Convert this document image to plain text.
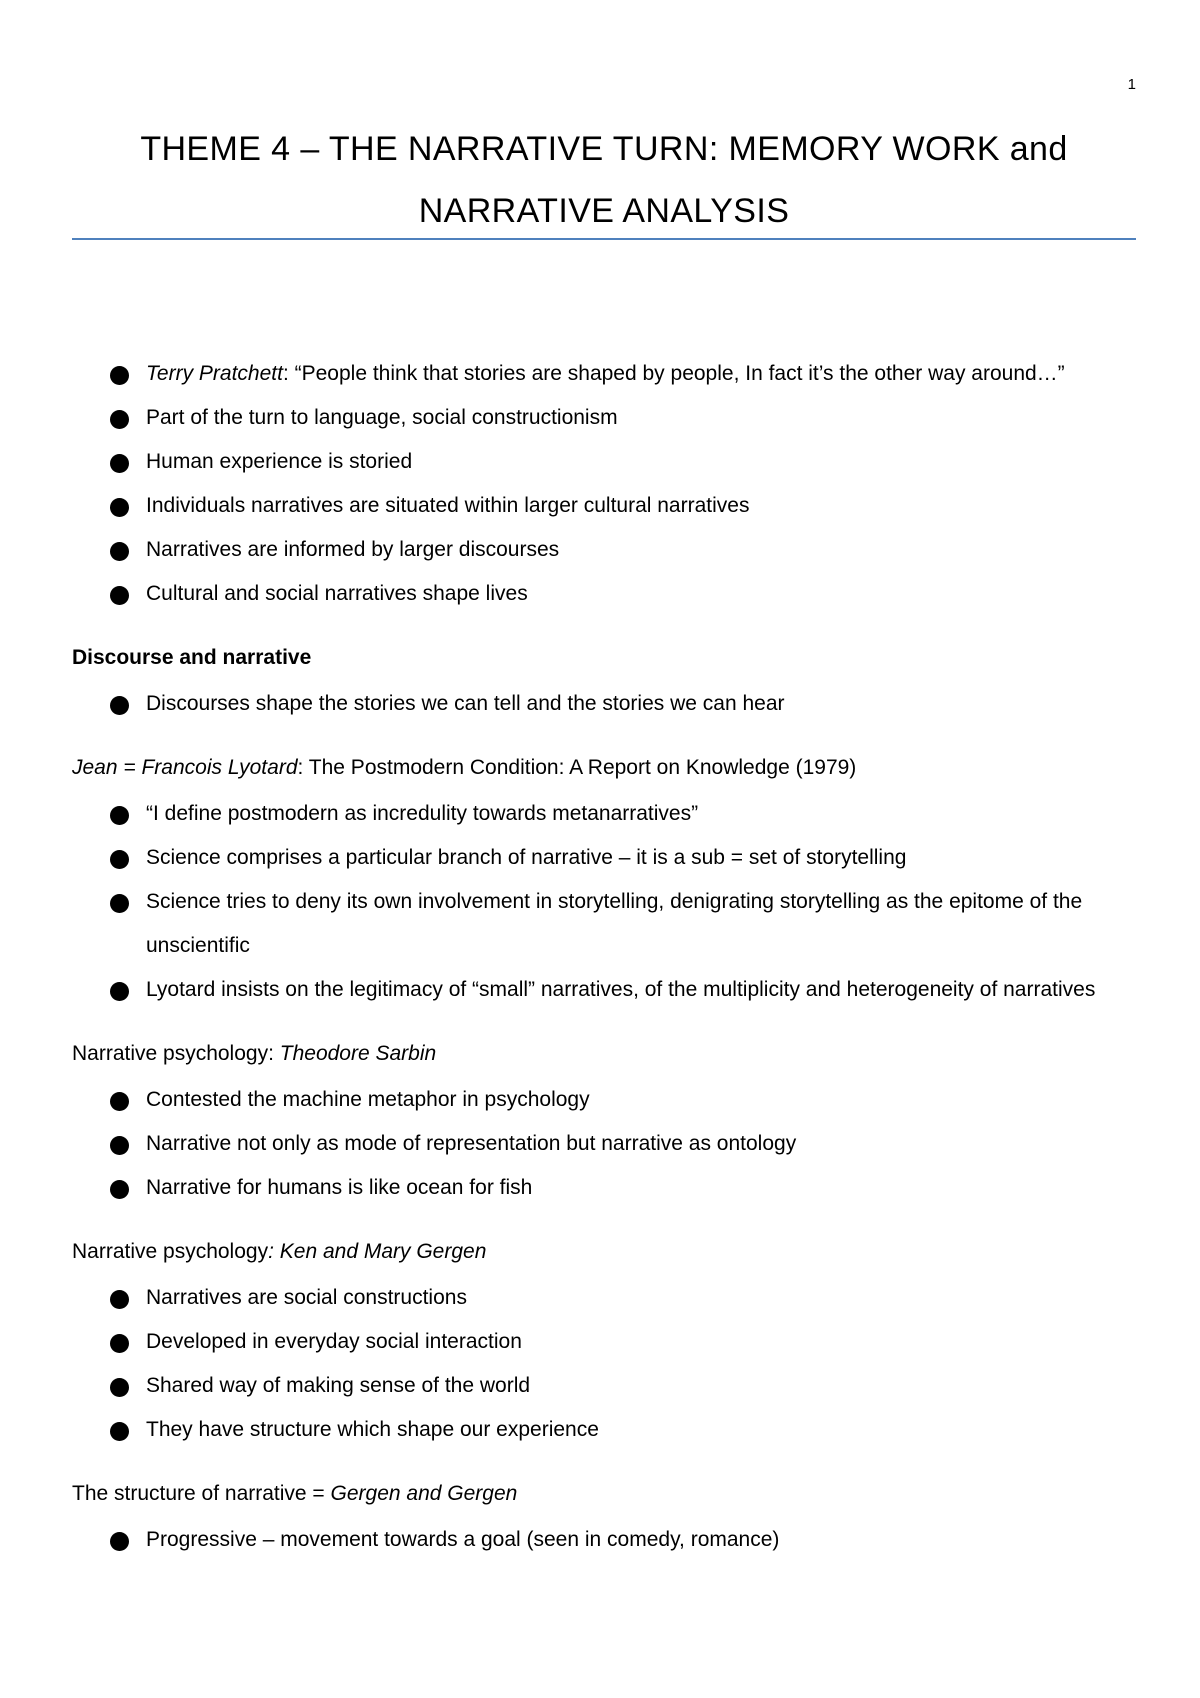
1
THEME 4 – THE NARRATIVE TURN: MEMORY WORK and
NARRATIVE ANALYSIS
Terry Pratchett: “People think that stories are shaped by people, In fact it’s the other way around…”
Part of the turn to language, social constructionism
Human experience is storied
Individuals narratives are situated within larger cultural narratives
Narratives are informed by larger discourses
Cultural and social narratives shape lives
Discourse and narrative
Discourses shape the stories we can tell and the stories we can hear
Jean = Francois Lyotard: The Postmodern Condition: A Report on Knowledge (1979)
“I define postmodern as incredulity towards metanarratives”
Science comprises a particular branch of narrative – it is a sub = set of storytelling
Science tries to deny its own involvement in storytelling, denigrating storytelling as the epitome of the unscientific
Lyotard insists on the legitimacy of “small” narratives, of the multiplicity and heterogeneity of narratives
Narrative psychology: Theodore Sarbin
Contested the machine metaphor in psychology
Narrative not only as mode of representation but narrative as ontology
Narrative for humans is like ocean for fish
Narrative psychology: Ken and Mary Gergen
Narratives are social constructions
Developed in everyday social interaction
Shared way of making sense of the world
They have structure which shape our experience
The structure of narrative = Gergen and Gergen
Progressive – movement towards a goal (seen in comedy, romance)
